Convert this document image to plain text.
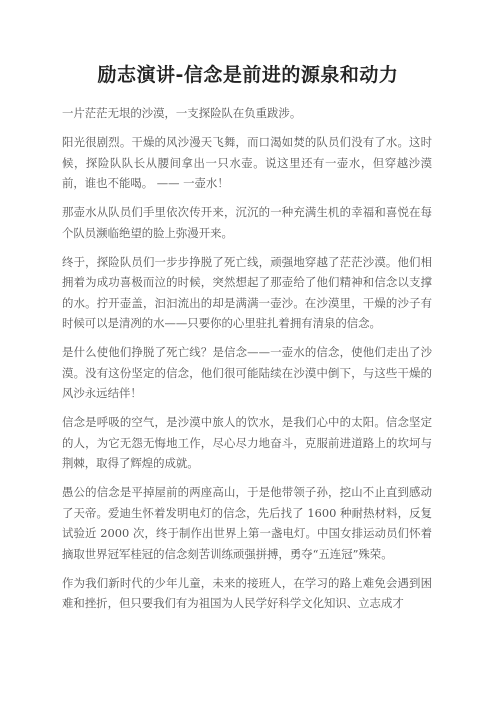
励志演讲-信念是前进的源泉和动力

一片茫茫无垠的沙漠，一支探险队在负重跋涉。

阳光很剧烈。干燥的风沙漫天飞舞，而口渴如焚的队员们没有了水。这时候，探险队队长从腰间拿出一只水壶。说这里还有一壶水，但穿越沙漠前，谁也不能喝。 —— 一壶水！

那壶水从队员们手里依次传开来，沉沉的一种充满生机的幸福和喜悦在每个队员濒临绝望的脸上弥漫开来。

终于，探险队员们一步步挣脱了死亡线，顽强地穿越了茫茫沙漠。他们相拥着为成功喜极而泣的时候，突然想起了那壶给了他们精神和信念以支撑的水。拧开壶盖，汩汩流出的却是满满一壶沙。在沙漠里，干燥的沙子有时候可以是清冽的水——只要你的心里驻扎着拥有清泉的信念。

是什么使他们挣脱了死亡线？是信念——一壶水的信念，使他们走出了沙漠。没有这份坚定的信念，他们很可能陆续在沙漠中倒下，与这些干燥的风沙永远结伴！

信念是呼吸的空气，是沙漠中旅人的饮水，是我们心中的太阳。信念坚定的人，为它无怨无悔地工作，尽心尽力地奋斗，克服前进道路上的坎坷与荆棘，取得了辉煌的成就。

愚公的信念是平掉屋前的两座高山，于是他带领子孙，挖山不止直到感动了天帝。爱迪生怀着发明电灯的信念，先后找了 1600 种耐热材料，反复试验近 2000 次，终于制作出世界上第一盏电灯。中国女排运动员们怀着摘取世界冠军桂冠的信念刻苦训练顽强拼搏，勇夺“五连冠”殊荣。

作为我们新时代的少年儿童，未来的接班人，在学习的路上难免会遇到困难和挫折，但只要我们有为祖国为人民学好科学文化知识、立志成才
